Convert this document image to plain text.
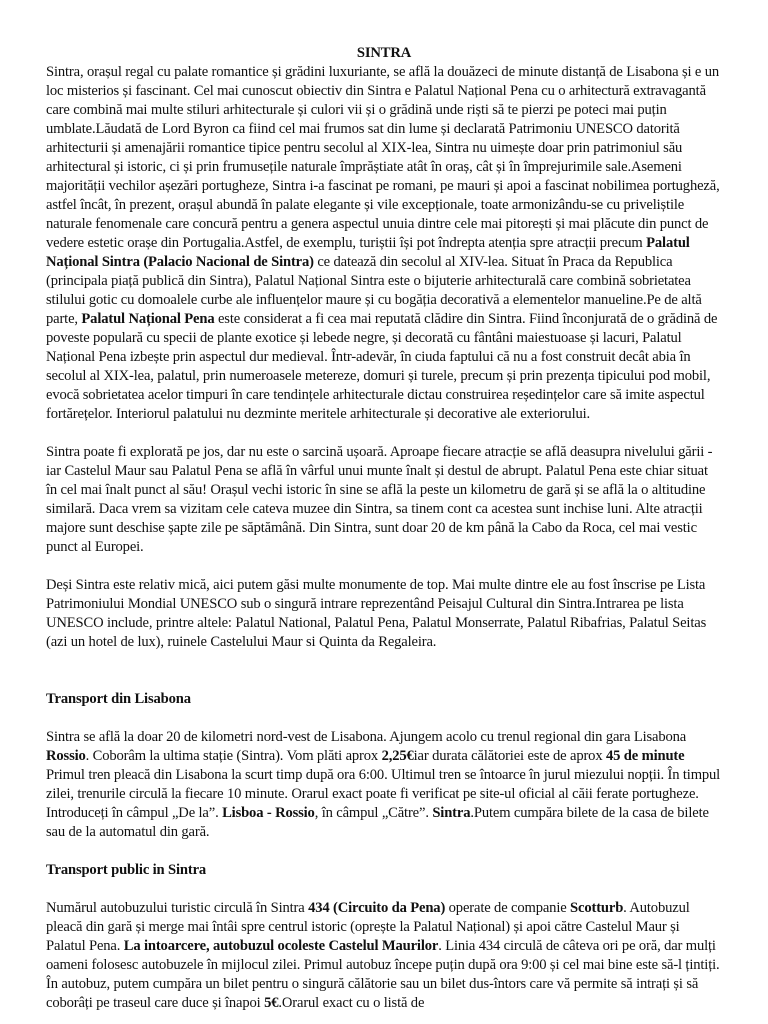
SINTRA

Sintra, orașul regal cu palate romantice și grădini luxuriante, se află la douăzeci de minute distanță de Lisabona și e un loc misterios și fascinant. Cel mai cunoscut obiectiv din Sintra e Palatul Național Pena cu o arhitectură extravagantă care combină mai multe stiluri arhitecturale și culori vii și o grădină unde riști să te pierzi pe poteci mai puțin umblate.Lăudată de Lord Byron ca fiind cel mai frumos sat din lume și declarată Patrimoniu UNESCO datorită arhitecturii și amenajării romantice tipice pentru secolul al XIX-lea, Sintra nu uimește doar prin patrimoniul său arhitectural și istoric, ci și prin frumusețile naturale împrăștiate atât în oraș, cât și în împrejurimile sale.Asemeni majorității vechilor așezări portugheze, Sintra i-a fascinat pe romani, pe mauri și apoi a fascinat nobilimea portugheză, astfel încât, în prezent, orașul abundă în palate elegante și vile excepționale, toate armonizându-se cu priveliștile naturale fenomenale care concură pentru a genera aspectul unuia dintre cele mai pitorești și mai plăcute din punct de vedere estetic orașe din Portugalia.Astfel, de exemplu, turiștii își pot îndrepta atenția spre atracții precum Palatul Național Sintra (Palacio Nacional de Sintra) ce datează din secolul al XIV-lea. Situat în Praca da Republica (principala piață publică din Sintra), Palatul Național Sintra este o bijuterie arhitecturală care combină sobrietatea stilului gotic cu domoalele curbe ale influențelor maure și cu bogăția decorativă a elementelor manueline.Pe de altă parte, Palatul Național Pena este considerat a fi cea mai reputată clădire din Sintra. Fiind înconjurată de o grădină de poveste populară cu specii de plante exotice și lebede negre, și decorată cu fântâni maiestuoase și lacuri, Palatul Național Pena izbește prin aspectul dur medieval. Într-adevăr, în ciuda faptului că nu a fost construit decât abia în secolul al XIX-lea, palatul, prin numeroasele metereze, domuri și turele, precum și prin prezența tipicului pod mobil, evocă sobrietatea acelor timpuri în care tendințele arhitecturale dictau construirea reședințelor care să imite aspectul fortărețelor. Interiorul palatului nu dezminte meritele arhitecturale și decorative ale exteriorului.

Sintra poate fi explorată pe jos, dar nu este o sarcină ușoară. Aproape fiecare atracție se află deasupra nivelului gării - iar Castelul Maur sau Palatul Pena se află în vârful unui munte înalt și destul de abrupt. Palatul Pena este chiar situat în cel mai înalt punct al său! Orașul vechi istoric în sine se află la peste un kilometru de gară și se află la o altitudine similară. Daca vrem sa vizitam cele cateva muzee din Sintra, sa tinem cont ca acestea sunt inchise luni. Alte atracții majore sunt deschise șapte zile pe săptămână. Din Sintra, sunt doar 20 de km până la Cabo da Roca, cel mai vestic punct al Europei.

Deși Sintra este relativ mică, aici putem găsi multe monumente de top. Mai multe dintre ele au fost înscrise pe Lista Patrimoniului Mondial UNESCO sub o singură intrare reprezentând Peisajul Cultural din Sintra.Intrarea pe lista UNESCO include, printre altele: Palatul National, Palatul Pena, Palatul Monserrate, Palatul Ribafrias, Palatul Seitas (azi un hotel de lux), ruinele Castelului Maur si Quinta da Regaleira.

Transport din Lisabona

Sintra se află la doar 20 de kilometri nord-vest de Lisabona. Ajungem acolo cu trenul regional din gara Lisabona Rossio. Coborâm la ultima stație (Sintra). Vom plăti aprox 2,25€iar durata călătoriei este de aprox 45 de minute Primul tren pleacă din Lisabona la scurt timp după ora 6:00. Ultimul tren se întoarce în jurul miezului nopții. În timpul zilei, trenurile circulă la fiecare 10 minute. Orarul exact poate fi verificat pe site-ul oficial al căii ferate portugheze. Introduceți în câmpul „De la”. Lisboa - Rossio, în câmpul „Către”. Sintra.Putem cumpăra bilete de la casa de bilete sau de la automatul din gară.

Transport public in Sintra

Numărul autobuzului turistic circulă în Sintra 434 (Circuito da Pena) operate de companie Scotturb. Autobuzul pleacă din gară și merge mai întâi spre centrul istoric (oprește la Palatul Național) și apoi către Castelul Maur și Palatul Pena. La intoarcere, autobuzul ocoleste Castelul Maurilor. Linia 434 circulă de câteva ori pe oră, dar mulți oameni folosesc autobuzele în mijlocul zilei. Primul autobuz începe puțin după ora 9:00 și cel mai bine este să-l țintiți. În autobuz, putem cumpăra un bilet pentru o singură călătorie sau un bilet dus-întors care vă permite să intrați și să coborâți pe traseul care duce și înapoi 5€.Orarul exact cu o listă de
